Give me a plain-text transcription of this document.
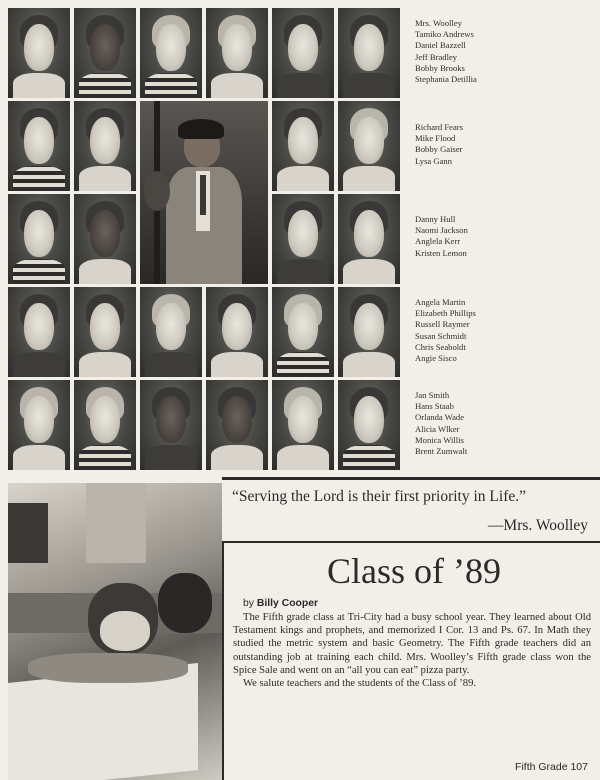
Mrs. Woolley
Tamiko Andrews
Daniel Bazzell
Jeff Bradley
Bobby Brooks
Stephania Detillia
Richard Fears
Mike Flood
Bobby Gaiser
Lysa Gann
Danny Hull
Naomi Jackson
Anglela Kerr
Kristen Lemon
Angela Martin
Elizabeth Phillips
Russell Raymer
Susan Schmidt
Chris Seaboldt
Angie Sisco
Jan Smith
Hans Staab
Orlanda Wade
Alicia Wlker
Monica Willis
Brent Zumwalt
“Serving the Lord is their first priority in Life.”
—Mrs. Woolley
Class of ’89
by Billy Cooper

The Fifth grade class at Tri-City had a busy school year. They learned about Old Testament kings and prophets, and memorized I Cor. 13 and Ps. 67. In Math they studied the metric system and basic Geometry. The Fifth grade teachers did an outstanding job at training each child. Mrs. Woolley’s Fifth grade class won the Spice Sale and went on an “all you can eat” pizza party.

We salute teachers and the students of the Class of ’89.

Fifth Grade 107
